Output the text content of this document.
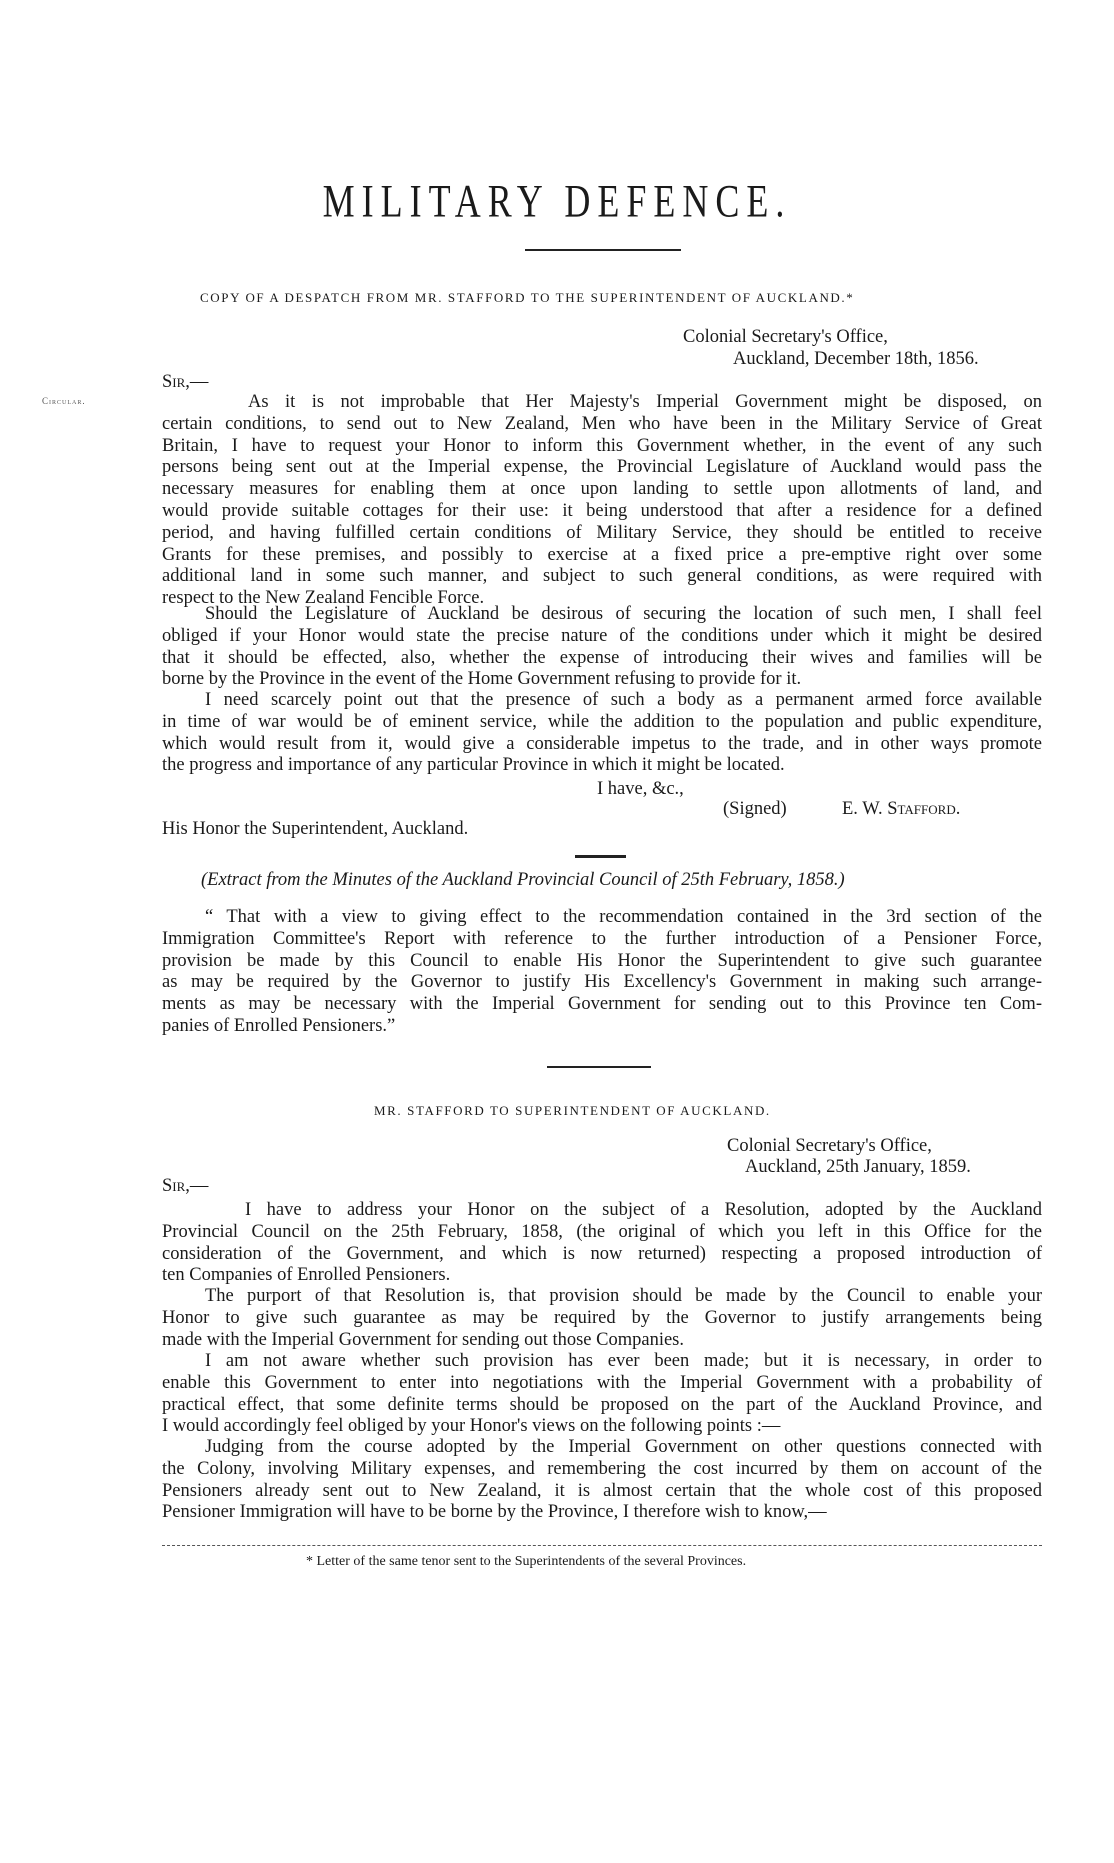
MILITARY DEFENCE.
COPY OF A DESPATCH FROM MR. STAFFORD TO THE SUPERINTENDENT OF AUCKLAND.*
Colonial Secretary's Office,
Auckland, December 18th, 1856.
Sir,—
Circular.	As it is not improbable that Her Majesty's Imperial Government might be disposed, on
certain conditions, to send out to New Zealand, Men who have been in the Military Service of Great
Britain, I have to request your Honor to inform this Government whether, in the event of any such
persons being sent out at the Imperial expense, the Provincial Legislature of Auckland would pass the
necessary measures for enabling them at once upon landing to settle upon allotments of land, and
would provide suitable cottages for their use: it being understood that after a residence for a defined
period, and having fulfilled certain conditions of Military Service, they should be entitled to receive
Grants for these premises, and possibly to exercise at a fixed price a pre-emptive right over some
additional land in some such manner, and subject to such general conditions, as were required with
respect to the New Zealand Fencible Force.
Should the Legislature of Auckland be desirous of securing the location of such men, I shall feel
obliged if your Honor would state the precise nature of the conditions under which it might be desired
that it should be effected, also, whether the expense of introducing their wives and families will be
borne by the Province in the event of the Home Government refusing to provide for it.
I need scarcely point out that the presence of such a body as a permanent armed force available
in time of war would be of eminent service, while the addition to the population and public expenditure,
which would result from it, would give a considerable impetus to the trade, and in other ways promote
the progress and importance of any particular Province in which it might be located.
I have, &c.,
(Signed)	E. W. Stafford.
His Honor the Superintendent, Auckland.
(Extract from the Minutes of the Auckland Provincial Council of 25th February, 1858.)
“ That with a view to giving effect to the recommendation contained in the 3rd section of the
Immigration Committee's Report with reference to the further introduction of a Pensioner Force,
provision be made by this Council to enable His Honor the Superintendent to give such guarantee
as may be required by the Governor to justify His Excellency's Government in making such arrange-
ments as may be necessary with the Imperial Government for sending out to this Province ten Com-
panies of Enrolled Pensioners.”
MR. STAFFORD TO SUPERINTENDENT OF AUCKLAND.
Colonial Secretary's Office,
Auckland, 25th January, 1859.
Sir,—
I have to address your Honor on the subject of a Resolution, adopted by the Auckland
Provincial Council on the 25th February, 1858, (the original of which you left in this Office for the
consideration of the Government, and which is now returned) respecting a proposed introduction of
ten Companies of Enrolled Pensioners.
The purport of that Resolution is, that provision should be made by the Council to enable your
Honor to give such guarantee as may be required by the Governor to justify arrangements being
made with the Imperial Government for sending out those Companies.
I am not aware whether such provision has ever been made; but it is necessary, in order to
enable this Government to enter into negotiations with the Imperial Government with a probability of
practical effect, that some definite terms should be proposed on the part of the Auckland Province, and
I would accordingly feel obliged by your Honor's views on the following points :—
Judging from the course adopted by the Imperial Government on other questions connected with
the Colony, involving Military expenses, and remembering the cost incurred by them on account of the
Pensioners already sent out to New Zealand, it is almost certain that the whole cost of this proposed
Pensioner Immigration will have to be borne by the Province, I therefore wish to know,—
* Letter of the same tenor sent to the Superintendents of the several Provinces.
